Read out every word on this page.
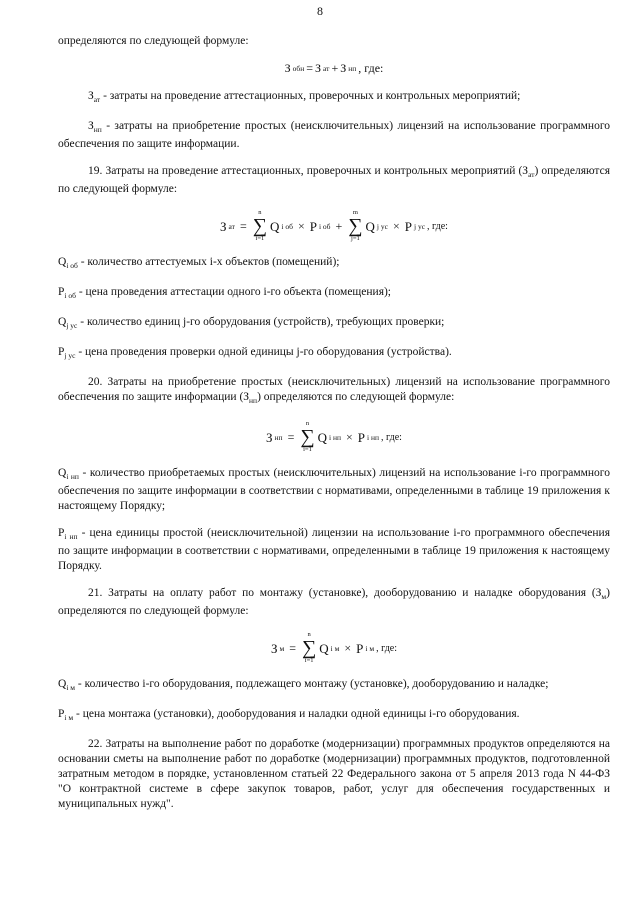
8

определяются по следующей формуле:

З обн = З ат + З нп , где:

$З_{ат}$ - затраты на проведение аттестационных, проверочных и контрольных мероприятий;

$З_{нп}$ - затраты на приобретение простых (неисключительных) лицензий на использование программного обеспечения по защите информации.

19. Затраты на проведение аттестационных, проверочных и контрольных мероприятий $(З_{ат})$ определяются по следующей формуле:

З ат =
n
∑
i=1
Q i об × P i об +
m
∑
j=1
Q j ус × P j ус , где:

$Q_{i об}$ - количество аттестуемых i-х объектов (помещений);

$P_{i об}$ - цена проведения аттестации одного i-го объекта (помещения);

$Q_{j ус}$ - количество единиц j-го оборудования (устройств), требующих проверки;

$P_{j ус}$ - цена проведения проверки одной единицы j-го оборудования (устройства).

20. Затраты на приобретение простых (неисключительных) лицензий на использование программного обеспечения по защите информации $(З_{нп})$ определяются по следующей формуле:

З нп =
n
∑
i=1
Q i нп × P i нп , где:

$Q_{i нп}$ - количество приобретаемых простых (неисключительных) лицензий на использование i-го программного обеспечения по защите информации в соответствии с нормативами, определенными в таблице 19 приложения к настоящему Порядку;

$P_{i нп}$ - цена единицы простой (неисключительной) лицензии на использование i-го программного обеспечения по защите информации в соответствии с нормативами, определенными в таблице 19 приложения к настоящему Порядку.

21. Затраты на оплату работ по монтажу (установке), дооборудованию и наладке оборудования $(З_м)$ определяются по следующей формуле:

З м =
n
∑
i=1
Q i м × P i м , где:

$Q_{i м}$ - количество i-го оборудования, подлежащего монтажу (установке), дооборудованию и наладке;

$P_{i м}$ - цена монтажа (установки), дооборудования и наладки одной единицы i-го оборудования.

22. Затраты на выполнение работ по доработке (модернизации) программных продуктов определяются на основании сметы на выполнение работ по доработке (модернизации) программных продуктов, подготовленной затратным методом в порядке, установленном статьей 22 Федерального закона от 5 апреля 2013 года N 44-ФЗ "О контрактной системе в сфере закупок товаров, работ, услуг для обеспечения государственных и муниципальных нужд".
